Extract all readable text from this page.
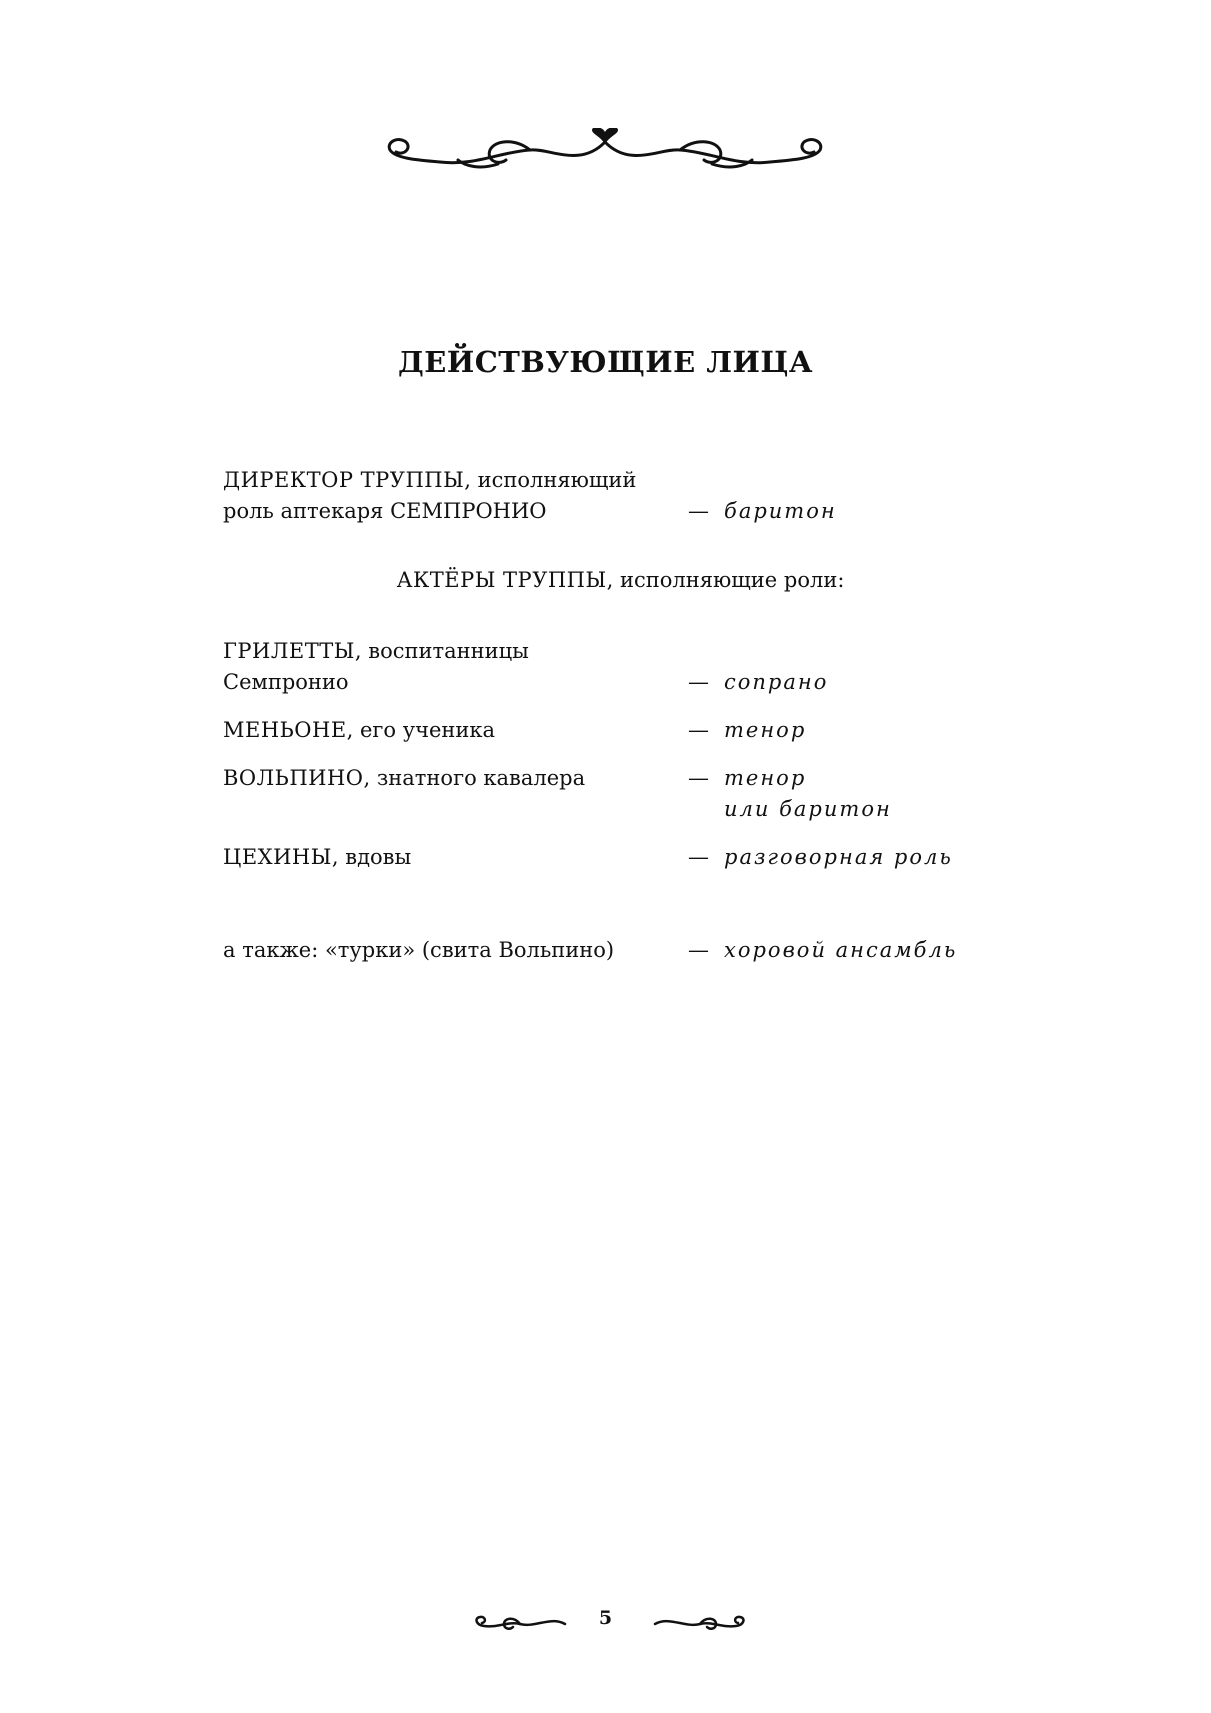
ДЕЙСТВУЮЩИЕ ЛИЦА
ДИРЕКТОР ТРУППЫ, исполняющий
роль аптекаря СЕМПРОНИО	— баритон
АКТЁРЫ ТРУППЫ, исполняющие роли:
ГРИЛЕТТЫ, воспитанницы
Семпронио	— сопрано
МЕНЬОНЕ, его ученика	— тенор
ВОЛЬПИНО, знатного кавалера	— тенор
или баритон
ЦЕХИНЫ, вдовы	— разговорная роль
а также: «турки» (свита Вольпино)	— хоровой ансамбль
5
